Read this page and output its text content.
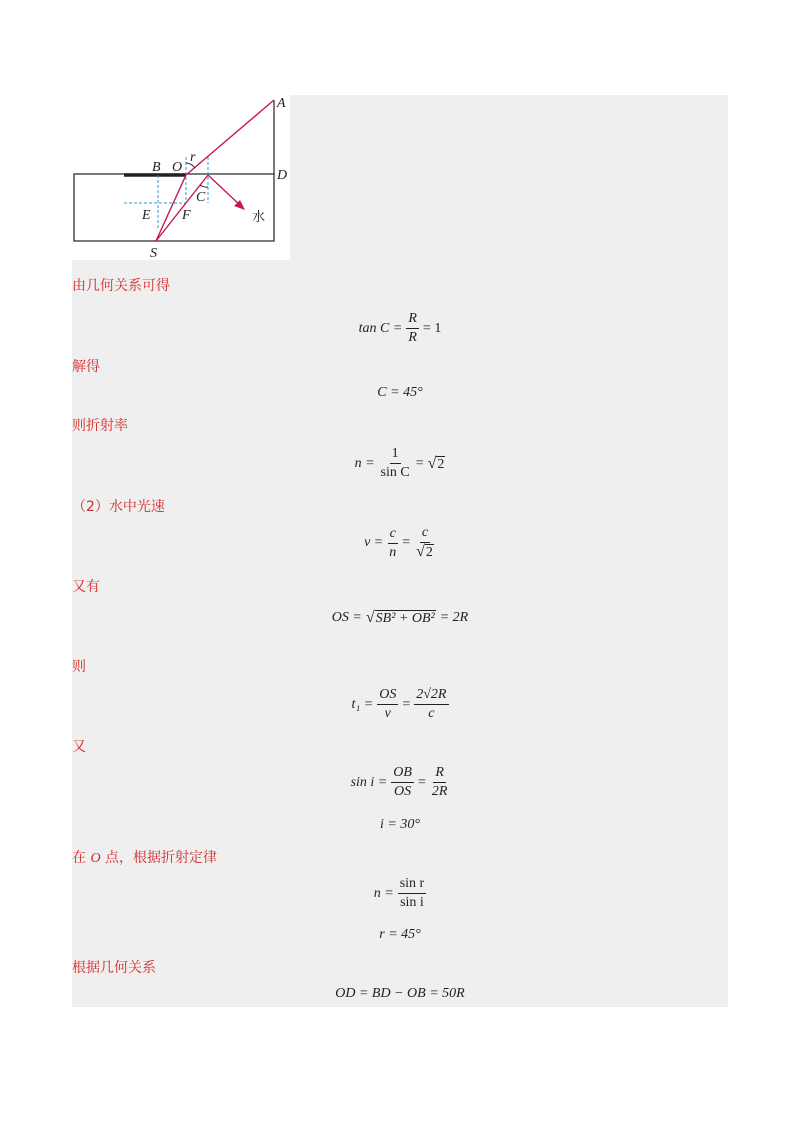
A
B O
r
D
C
E F
S
水
由几何关系可得
$\tan C = \frac{R}{R} = 1$
解得
C = 45°
则折射率
$n = \frac{1}{\text{sin C}}$ = √ 2
（2）水中光速
$v = \frac{c}{n} = \frac{c}{√ 2}$
又有
OS = √ SB² + OB² = 2R
则
$t_1 = \frac{OS}{v} = \frac{2√2R}{c}$
又
$\sin i = \frac{OB}{OS} = \frac{R}{2R}$
i = 30°
在 O 点，根据折射定律
$n = \frac{\text{sin r}}{\text{sin i}}$
r = 45°
根据几何关系
OD = BD − OB = 50R
